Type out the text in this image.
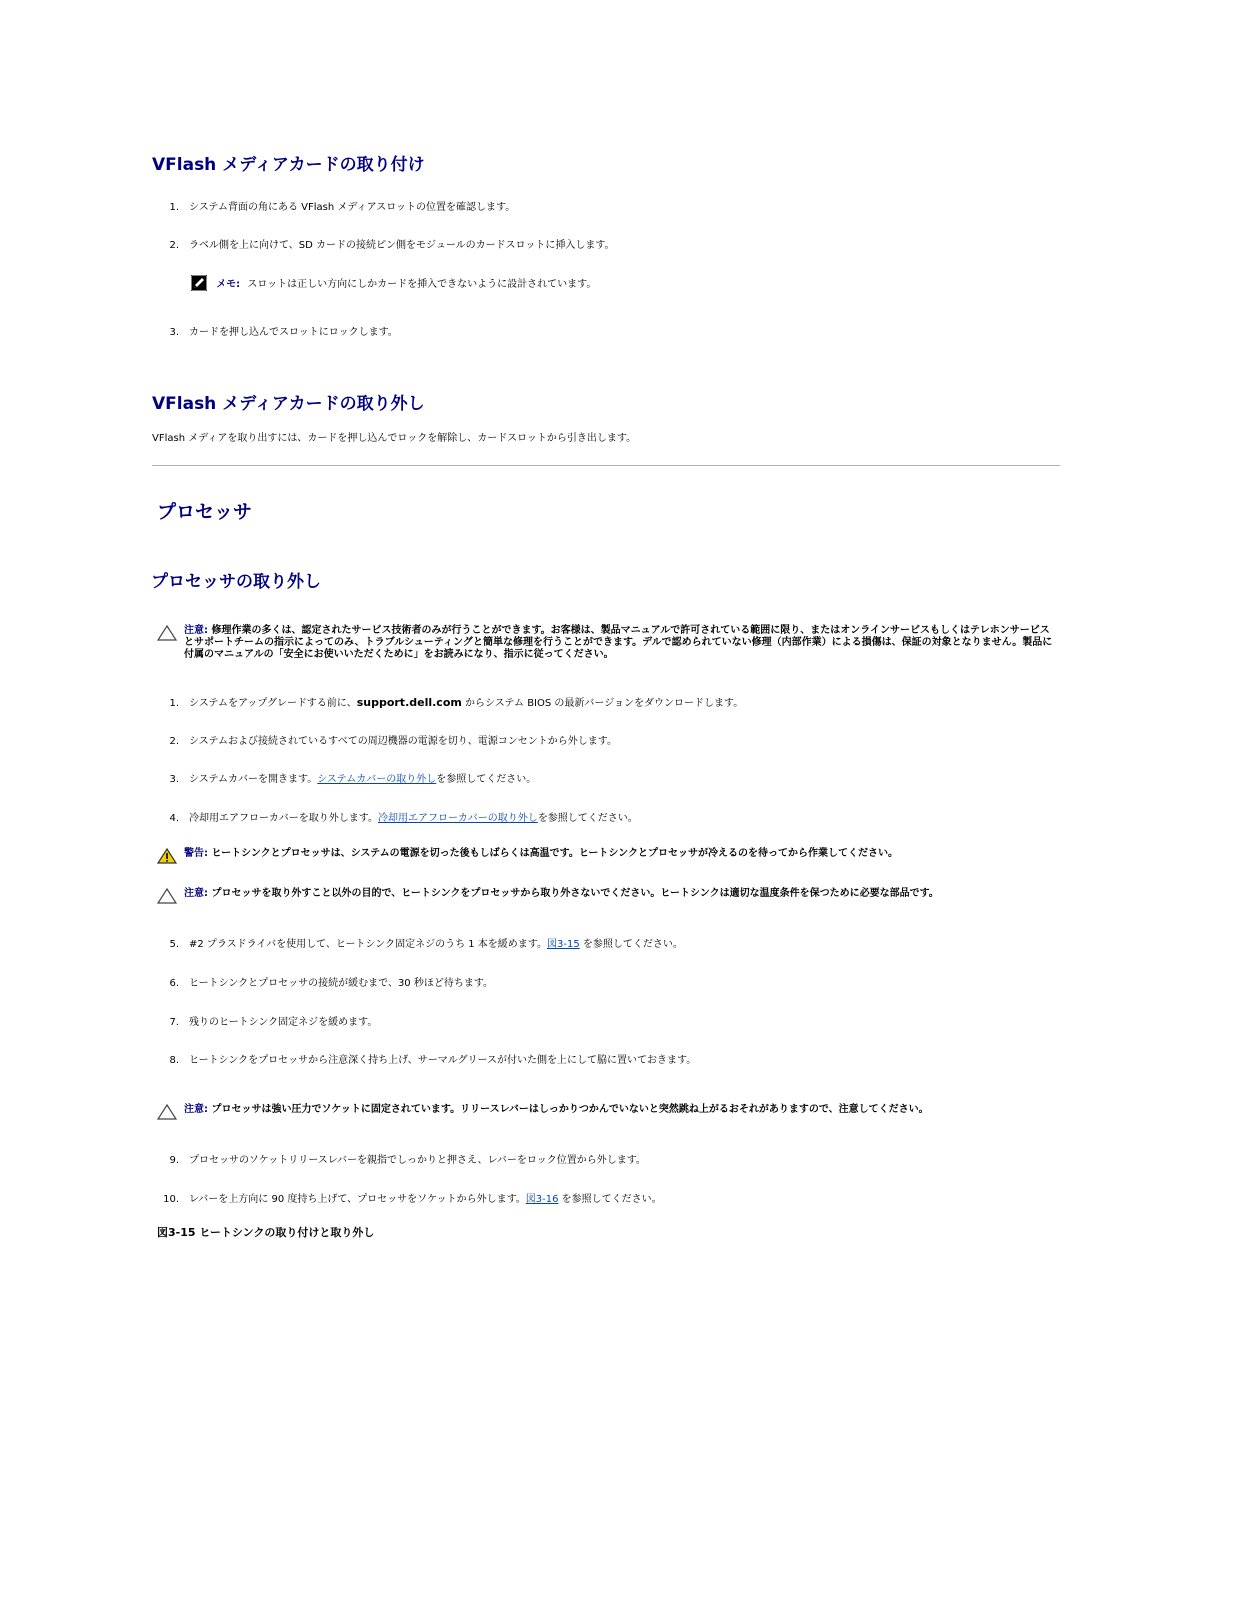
VFlash メディアカードの取り付け
1. システム背面の角にある VFlash メディアスロットの位置を確認します。
2. ラベル側を上に向けて、SD カードの接続ピン側をモジュールのカードスロットに挿入します。
メモ: スロットは正しい方向にしかカードを挿入できないように設計されています。
3. カードを押し込んでスロットにロックします。
VFlash メディアカードの取り外し
VFlash メディアを取り出すには、カードを押し込んでロックを解除し、カードスロットから引き出します。
プロセッサ
プロセッサの取り外し
注意: 修理作業の多くは、認定されたサービス技術者のみが行うことができます。お客様は、製品マニュアルで許可されている範囲に限り、またはオンラインサービスもしくはテレホンサービスとサポートチームの指示によってのみ、トラブルシューティングと簡単な修理を行うことができます。デルで認められていない修理（内部作業）による損傷は、保証の対象となりません。製品に付属のマニュアルの「安全にお使いいただくために」をお読みになり、指示に従ってください。
1. システムをアップグレードする前に、support.dell.com からシステム BIOS の最新バージョンをダウンロードします。
2. システムおよび接続されているすべての周辺機器の電源を切り、電源コンセントから外します。
3. システムカバーを開きます。システムカバーの取り外しを参照してください。
4. 冷却用エアフローカバーを取り外します。冷却用エアフローカバーの取り外しを参照してください。
警告: ヒートシンクとプロセッサは、システムの電源を切った後もしばらくは高温です。ヒートシンクとプロセッサが冷えるのを待ってから作業してください。
注意: プロセッサを取り外すこと以外の目的で、ヒートシンクをプロセッサから取り外さないでください。ヒートシンクは適切な温度条件を保つために必要な部品です。
5. #2 プラスドライバを使用して、ヒートシンク固定ネジのうち 1 本を緩めます。図3-15 を参照してください。
6. ヒートシンクとプロセッサの接続が緩むまで、30 秒ほど待ちます。
7. 残りのヒートシンク固定ネジを緩めます。
8. ヒートシンクをプロセッサから注意深く持ち上げ、サーマルグリースが付いた側を上にして脇に置いておきます。
注意: プロセッサは強い圧力でソケットに固定されています。リリースレバーはしっかりつかんでいないと突然跳ね上がるおそれがありますので、注意してください。
9. プロセッサのソケットリリースレバーを親指でしっかりと押さえ、レバーをロック位置から外します。
10. レバーを上方向に 90 度持ち上げて、プロセッサをソケットから外します。図3-16 を参照してください。
図3-15 ヒートシンクの取り付けと取り外し
